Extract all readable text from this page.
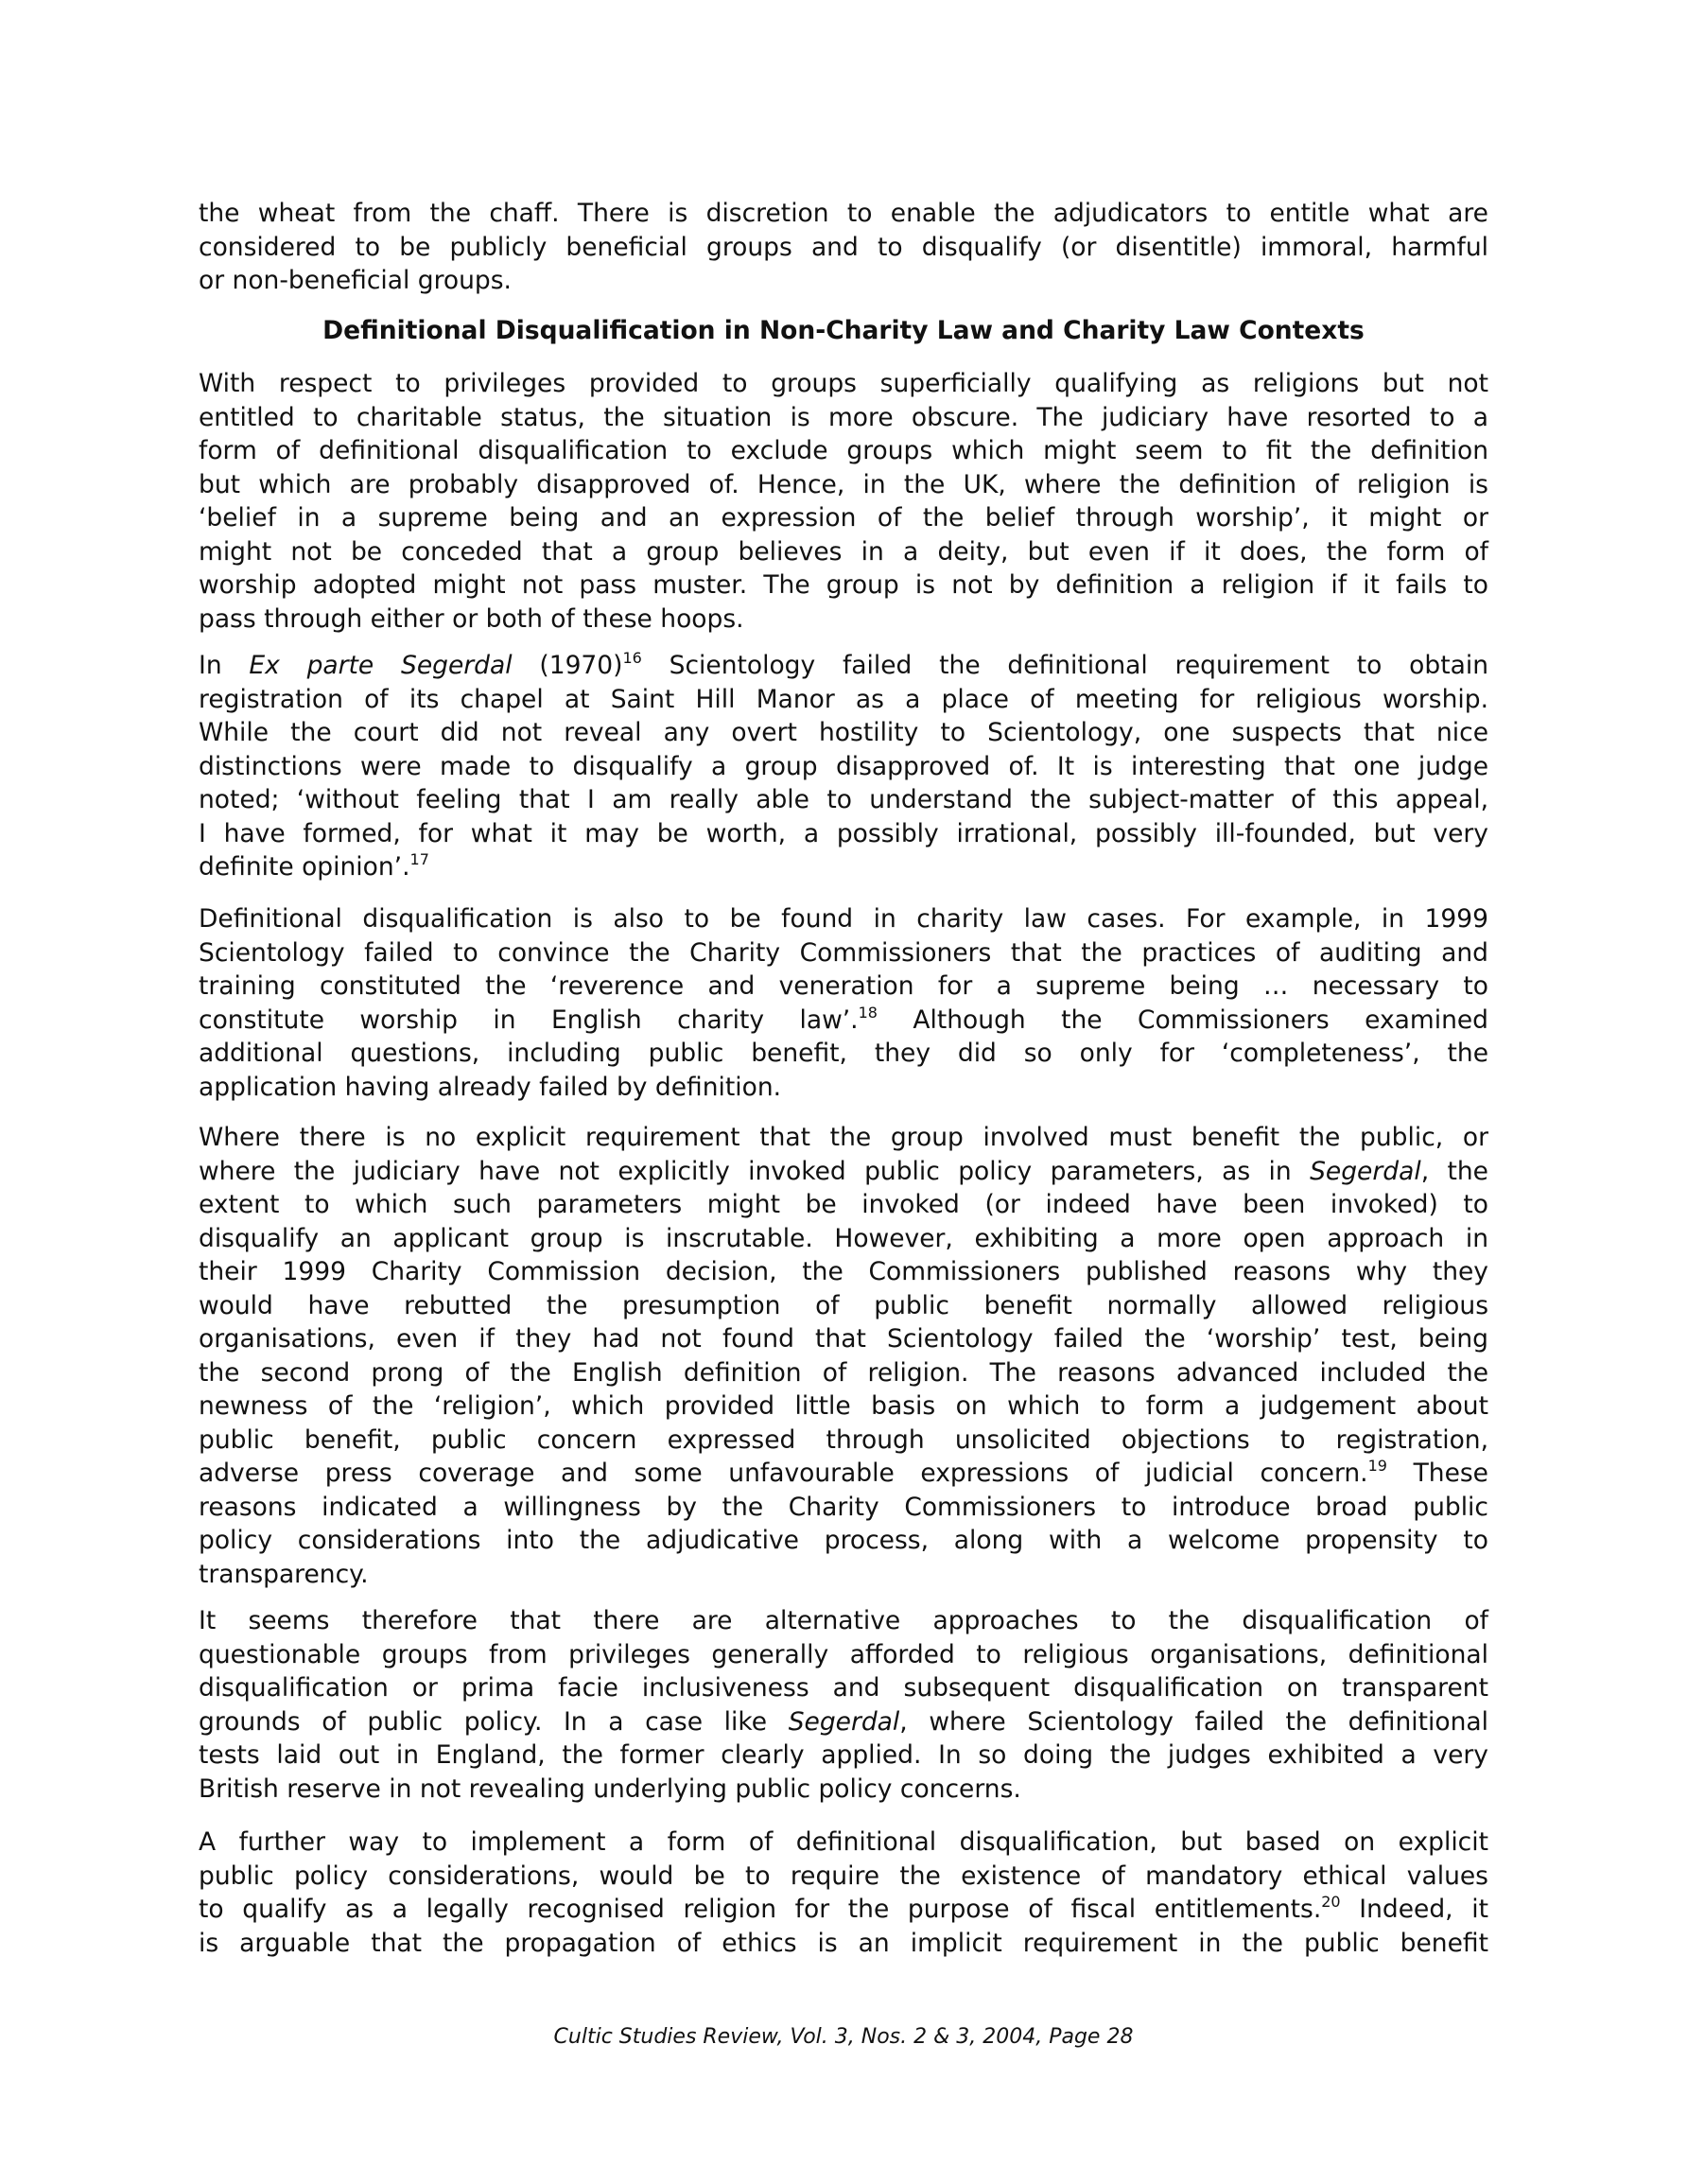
the wheat from the chaff. There is discretion to enable the adjudicators to entitle what are
considered to be publicly beneficial groups and to disqualify (or disentitle) immoral, harmful
or non-beneficial groups.
Definitional Disqualification in Non-Charity Law and Charity Law Contexts
With respect to privileges provided to groups superficially qualifying as religions but not
entitled to charitable status, the situation is more obscure. The judiciary have resorted to a
form of definitional disqualification to exclude groups which might seem to fit the definition
but which are probably disapproved of. Hence, in the UK, where the definition of religion is
‘belief in a supreme being and an expression of the belief through worship’, it might or
might not be conceded that a group believes in a deity, but even if it does, the form of
worship adopted might not pass muster. The group is not by definition a religion if it fails to
pass through either or both of these hoops.
In Ex parte Segerdal $(1970)^{16}$ Scientology failed the definitional requirement to obtain
registration of its chapel at Saint Hill Manor as a place of meeting for religious worship.
While the court did not reveal any overt hostility to Scientology, one suspects that nice
distinctions were made to disqualify a group disapproved of. It is interesting that one judge
noted; ‘without feeling that I am really able to understand the subject-matter of this appeal,
I have formed, for what it may be worth, a possibly irrational, possibly ill-founded, but very
definite opinion’.$^{17}$
Definitional disqualification is also to be found in charity law cases. For example, in 1999
Scientology failed to convince the Charity Commissioners that the practices of auditing and
training constituted the ‘reverence and veneration for a supreme being … necessary to
constitute worship in English charity law’.$^{18}$ Although the Commissioners examined
additional questions, including public benefit, they did so only for ‘completeness’, the
application having already failed by definition.
Where there is no explicit requirement that the group involved must benefit the public, or
where the judiciary have not explicitly invoked public policy parameters, as in Segerdal, the
extent to which such parameters might be invoked (or indeed have been invoked) to
disqualify an applicant group is inscrutable. However, exhibiting a more open approach in
their 1999 Charity Commission decision, the Commissioners published reasons why they
would have rebutted the presumption of public benefit normally allowed religious
organisations, even if they had not found that Scientology failed the ‘worship’ test, being
the second prong of the English definition of religion. The reasons advanced included the
newness of the ‘religion’, which provided little basis on which to form a judgement about
public benefit, public concern expressed through unsolicited objections to registration,
adverse press coverage and some unfavourable expressions of judicial concern.$^{19}$ These
reasons indicated a willingness by the Charity Commissioners to introduce broad public
policy considerations into the adjudicative process, along with a welcome propensity to
transparency.
It seems therefore that there are alternative approaches to the disqualification of
questionable groups from privileges generally afforded to religious organisations, definitional
disqualification or prima facie inclusiveness and subsequent disqualification on transparent
grounds of public policy. In a case like Segerdal, where Scientology failed the definitional
tests laid out in England, the former clearly applied. In so doing the judges exhibited a very
British reserve in not revealing underlying public policy concerns.
A further way to implement a form of definitional disqualification, but based on explicit
public policy considerations, would be to require the existence of mandatory ethical values
to qualify as a legally recognised religion for the purpose of fiscal entitlements.$^{20}$ Indeed, it
is arguable that the propagation of ethics is an implicit requirement in the public benefit
Cultic Studies Review, Vol. 3, Nos. 2 & 3, 2004, Page 28
